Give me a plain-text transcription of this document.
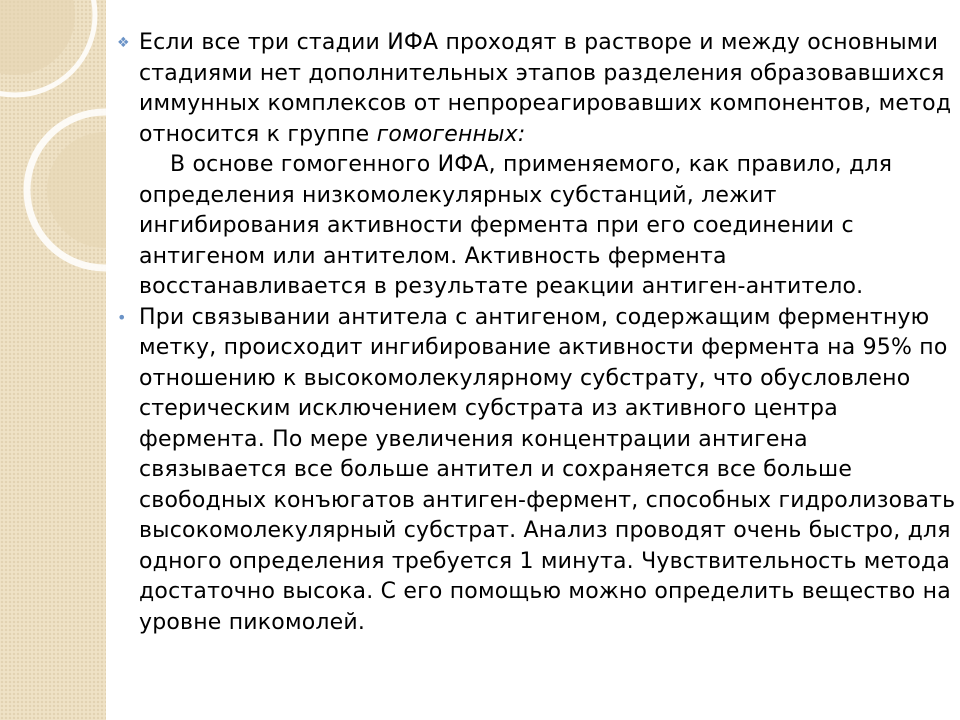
❖ Если все три стадии ИФА проходят в растворе и между основными стадиями нет дополнительных этапов разделения образовавшихся иммунных комплексов от непрореагировавших компонентов, метод относится к группе гомогенных:

В основе гомогенного ИФА, применяемого, как правило, для определения низкомолекулярных субстанций, лежит ингибирования активности фермента при его соединении с антигеном или антителом. Активность фермента восстанавливается в результате реакции антиген-антитело.

• При связывании антитела с антигеном, содержащим ферментную метку, происходит ингибирование активности фермента на 95% по отношению к высокомолекулярному субстрату, что обусловлено стерическим исключением субстрата из активного центра фермента. По мере увеличения концентрации антигена связывается все больше антител и сохраняется все больше свободных конъюгатов антиген-фермент, способных гидролизовать высокомолекулярный субстрат. Анализ проводят очень быстро, для одного определения требуется 1 минута. Чувствительность метода достаточно высока. С его помощью можно определить вещество на уровне пикомолей.
